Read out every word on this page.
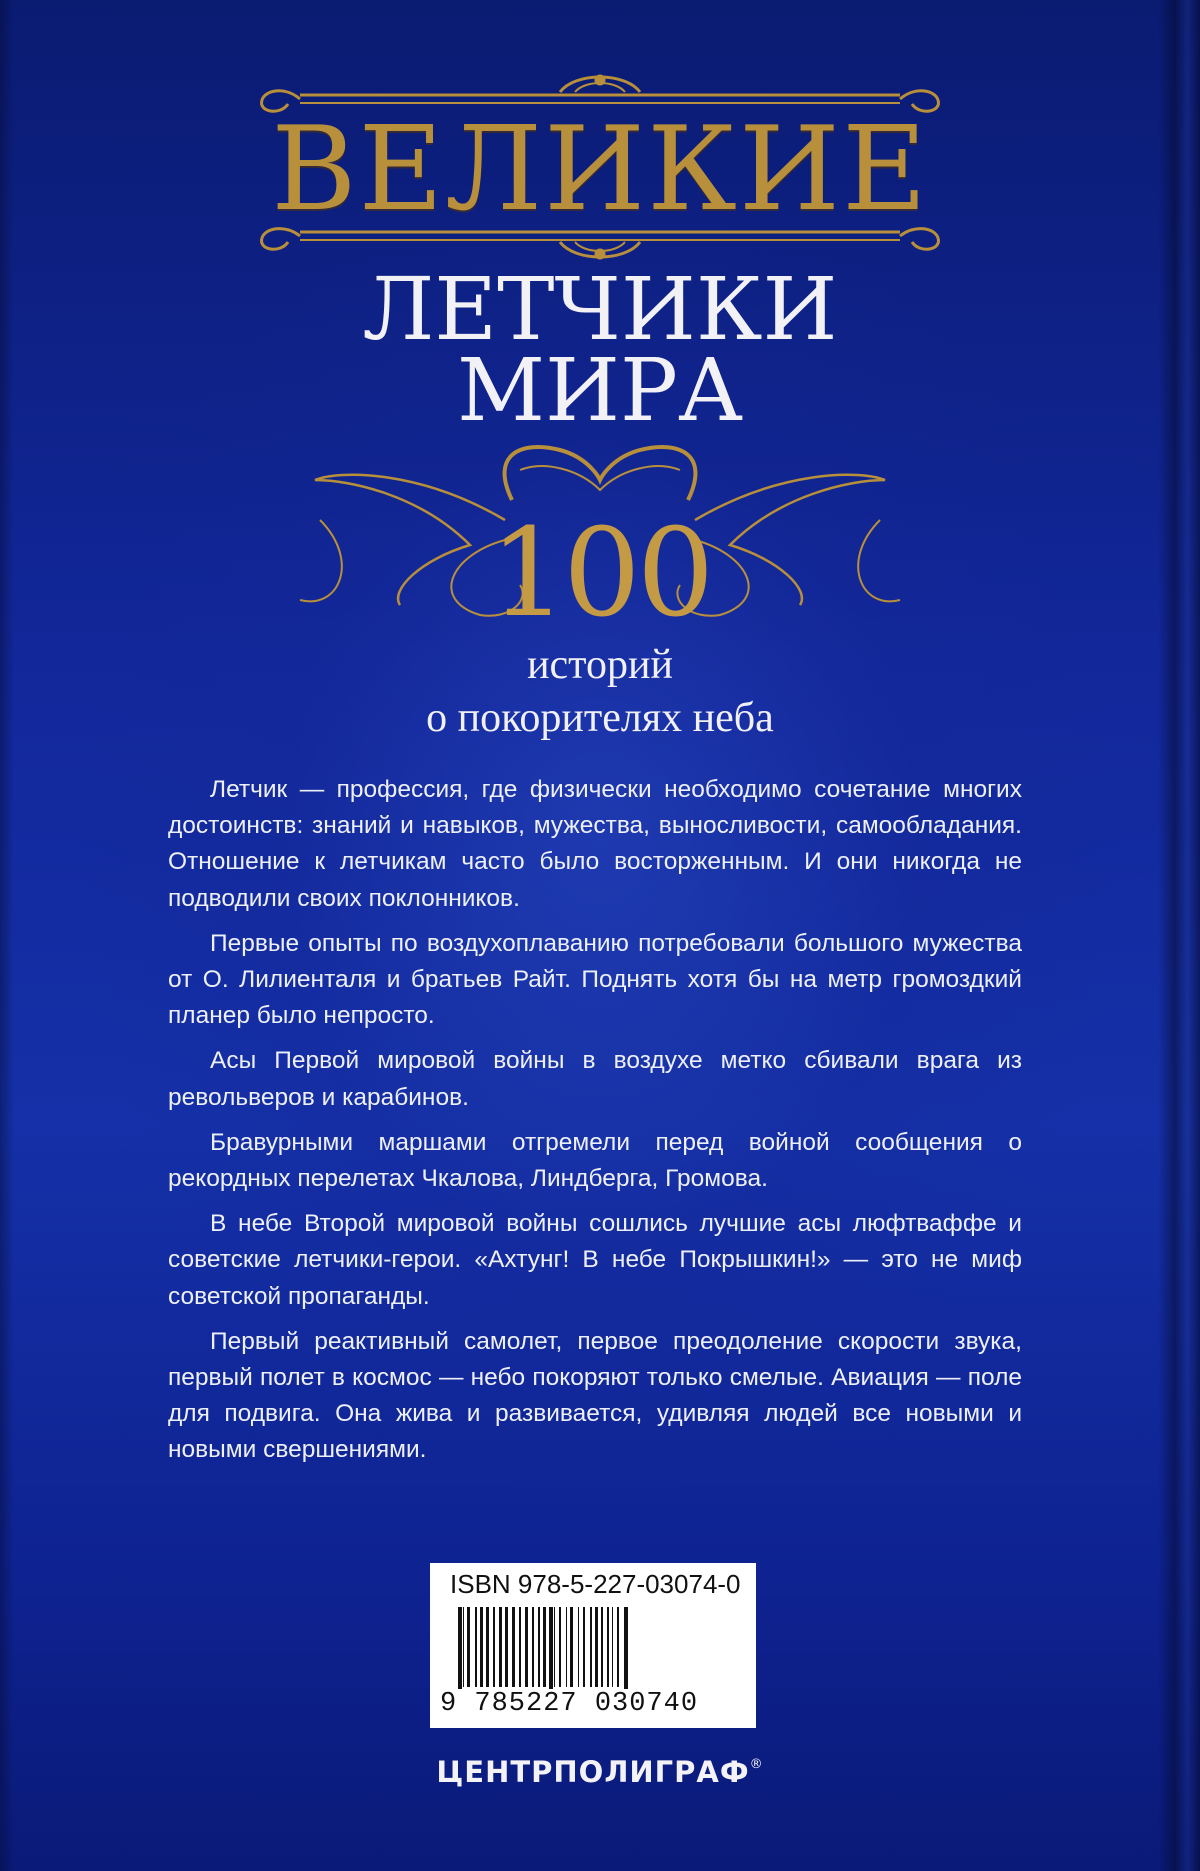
ВЕЛИКИЕ
ЛЕТЧИКИ
МИРА
100
историй
о покорителях неба

Летчик — профессия, где физически необходимо сочетание многих достоинств: знаний и навыков, мужества, выносливости, самообладания. Отношение к летчикам часто было восторженным. И они никогда не подводили своих поклонников.

Первые опыты по воздухоплаванию потребовали большого мужества от О. Лилиенталя и братьев Райт. Поднять хотя бы на метр громоздкий планер было непросто.

Асы Первой мировой войны в воздухе метко сбивали врага из револьверов и карабинов.

Бравурными маршами отгремели перед войной сообщения о рекордных перелетах Чкалова, Линдберга, Громова.

В небе Второй мировой войны сошлись лучшие асы люфтваффе и советские летчики-герои. «Ахтунг! В небе Покрышкин!» — это не миф советской пропаганды.

Первый реактивный самолет, первое преодоление скорости звука, первый полет в космос — небо покоряют только смелые. Авиация — поле для подвига. Она жива и развивается, удивляя людей все новыми и новыми свершениями.

ISBN 978-5-227-03074-0
9 785227 030740
ЦЕНТРПОЛИГРАФ®
